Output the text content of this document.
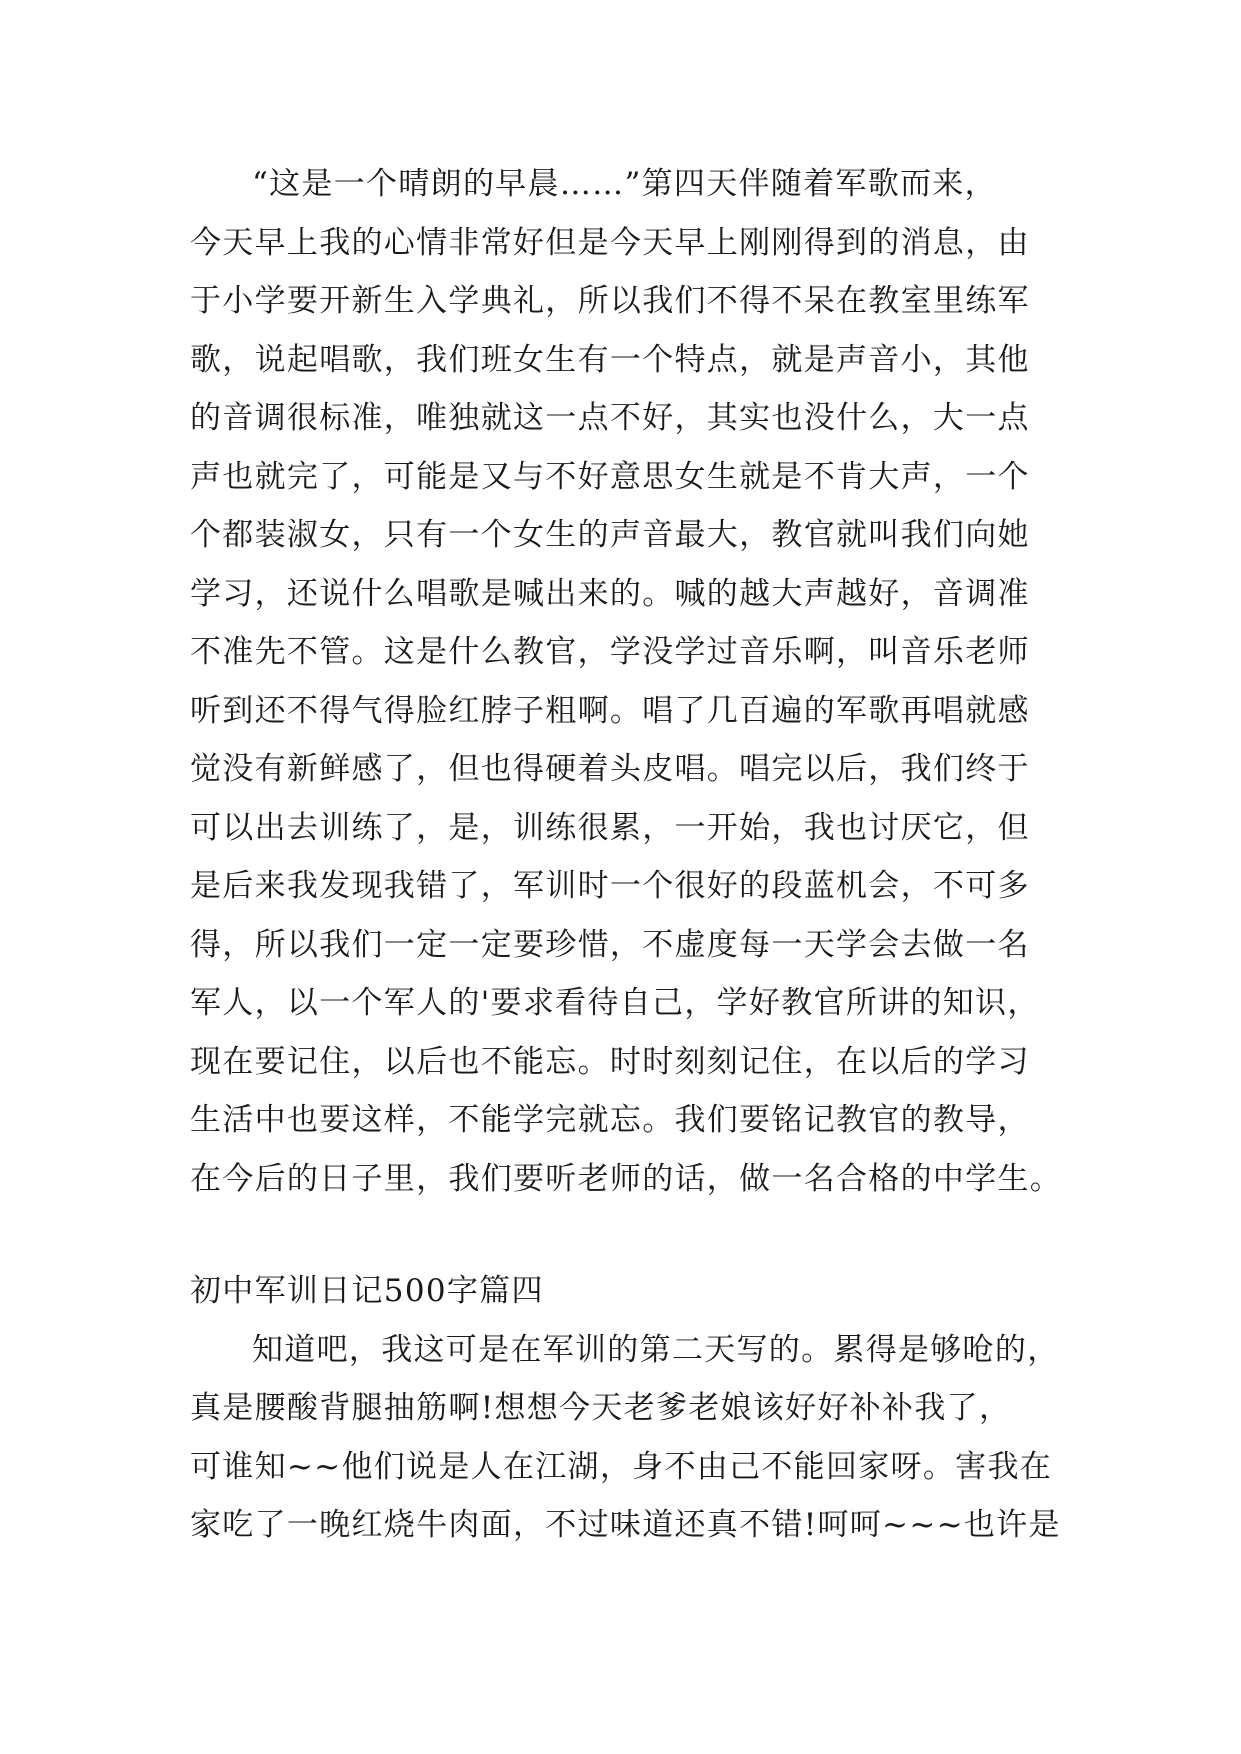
“这是一个晴朗的早晨……”第四天伴随着军歌而来，
今天早上我的心情非常好但是今天早上刚刚得到的消息，由
于小学要开新生入学典礼，所以我们不得不呆在教室里练军
歌，说起唱歌，我们班女生有一个特点，就是声音小，其他
的音调很标准，唯独就这一点不好，其实也没什么，大一点
声也就完了，可能是又与不好意思女生就是不肯大声，一个
个都装淑女，只有一个女生的声音最大，教官就叫我们向她
学习，还说什么唱歌是喊出来的。喊的越大声越好，音调准
不准先不管。这是什么教官，学没学过音乐啊，叫音乐老师
听到还不得气得脸红脖子粗啊。唱了几百遍的军歌再唱就感
觉没有新鲜感了，但也得硬着头皮唱。唱完以后，我们终于
可以出去训练了，是，训练很累，一开始，我也讨厌它，但
是后来我发现我错了，军训时一个很好的段蓝机会，不可多
得，所以我们一定一定要珍惜，不虚度每一天学会去做一名
军人，以一个军人的'要求看待自己，学好教官所讲的知识，
现在要记住，以后也不能忘。时时刻刻记住，在以后的学习
生活中也要这样，不能学完就忘。我们要铭记教官的教导，
在今后的日子里，我们要听老师的话，做一名合格的中学生。

初中军训日记500字篇四

知道吧，我这可是在军训的第二天写的。累得是够呛的，
真是腰酸背腿抽筋啊!想想今天老爹老娘该好好补补我了，
可谁知~~他们说是人在江湖，身不由己不能回家呀。害我在
家吃了一晚红烧牛肉面，不过味道还真不错!呵呵~~~也许是
